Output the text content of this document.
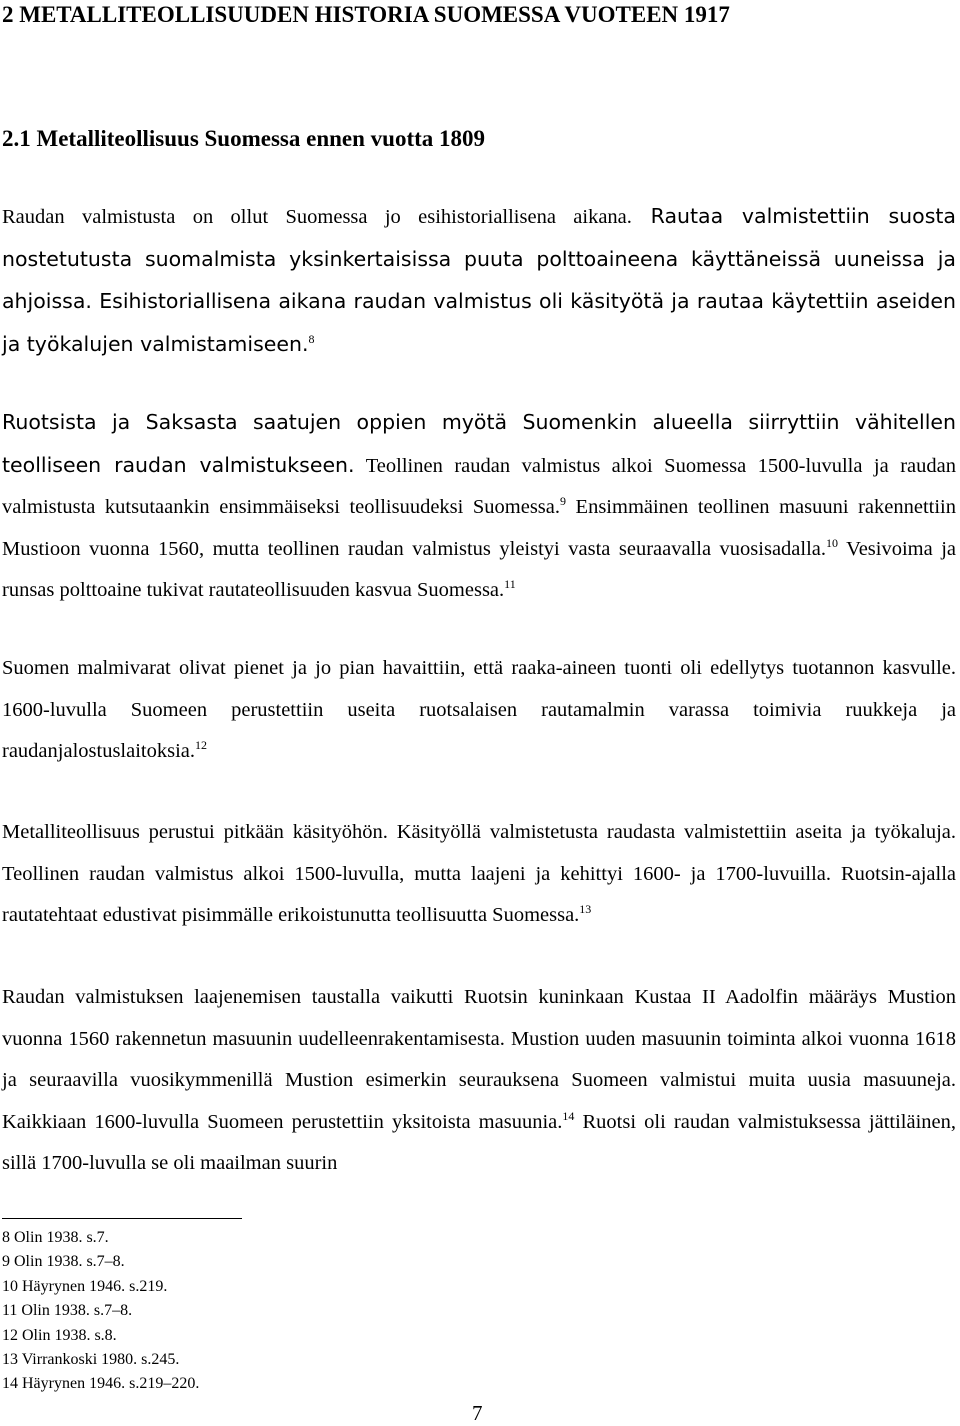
2 METALLITEOLLISUUDEN HISTORIA SUOMESSA VUOTEEN 1917
2.1 Metalliteollisuus Suomessa ennen vuotta 1809

Raudan valmistusta on ollut Suomessa jo esihistoriallisena aikana. Rautaa valmistettiin suosta nostetutusta suomalmista yksinkertaisissa puuta polttoaineena käyttäneissä uuneissa ja ahjoissa. Esihistoriallisena aikana raudan valmistus oli käsityötä ja rautaa käytettiin aseiden ja työkalujen valmistamiseen.$^8$

Ruotsista ja Saksasta saatujen oppien myötä Suomenkin alueella siirryttiin vähitellen teolliseen raudan valmistukseen. Teollinen raudan valmistus alkoi Suomessa 1500-luvulla ja raudan valmistusta kutsutaankin ensimmäiseksi teollisuudeksi Suomessa.$^9$ Ensimmäinen teollinen masuuni rakennettiin Mustioon vuonna 1560, mutta teollinen raudan valmistus yleistyi vasta seuraavalla vuosisadalla.$^{10}$ Vesivoima ja runsas polttoaine tukivat rautateollisuuden kasvua Suomessa.$^{11}$

Suomen malmivarat olivat pienet ja jo pian havaittiin, että raaka-aineen tuonti oli edellytys tuotannon kasvulle. 1600-luvulla Suomeen perustettiin useita ruotsalaisen rautamalmin varassa toimivia ruukkeja ja raudanjalostuslaitoksia.$^{12}$

Metalliteollisuus perustui pitkään käsityöhön. Käsityöllä valmistetusta raudasta valmistettiin aseita ja työkaluja. Teollinen raudan valmistus alkoi 1500-luvulla, mutta laajeni ja kehittyi 1600- ja 1700-luvuilla. Ruotsin-ajalla rautatehtaat edustivat pisimmälle erikoistunutta teollisuutta Suomessa.$^{13}$

Raudan valmistuksen laajenemisen taustalla vaikutti Ruotsin kuninkaan Kustaa II Aadolfin määräys Mustion vuonna 1560 rakennetun masuunin uudelleenrakentamisesta. Mustion uuden masuunin toiminta alkoi vuonna 1618 ja seuraavilla vuosikymmenillä Mustion esimerkin seurauksena Suomeen valmistui muita uusia masuuneja. Kaikkiaan 1600-luvulla Suomeen perustettiin yksitoista masuunia.$^{14}$ Ruotsi oli raudan valmistuksessa jättiläinen, sillä 1700-luvulla se oli maailman suurin

8 Olin 1938. s.7.
9 Olin 1938. s.7–8.
10 Häyrynen 1946. s.219.
11 Olin 1938. s.7–8.
12 Olin 1938. s.8.
13 Virrankoski 1980. s.245.
14 Häyrynen 1946. s.219–220.
7
